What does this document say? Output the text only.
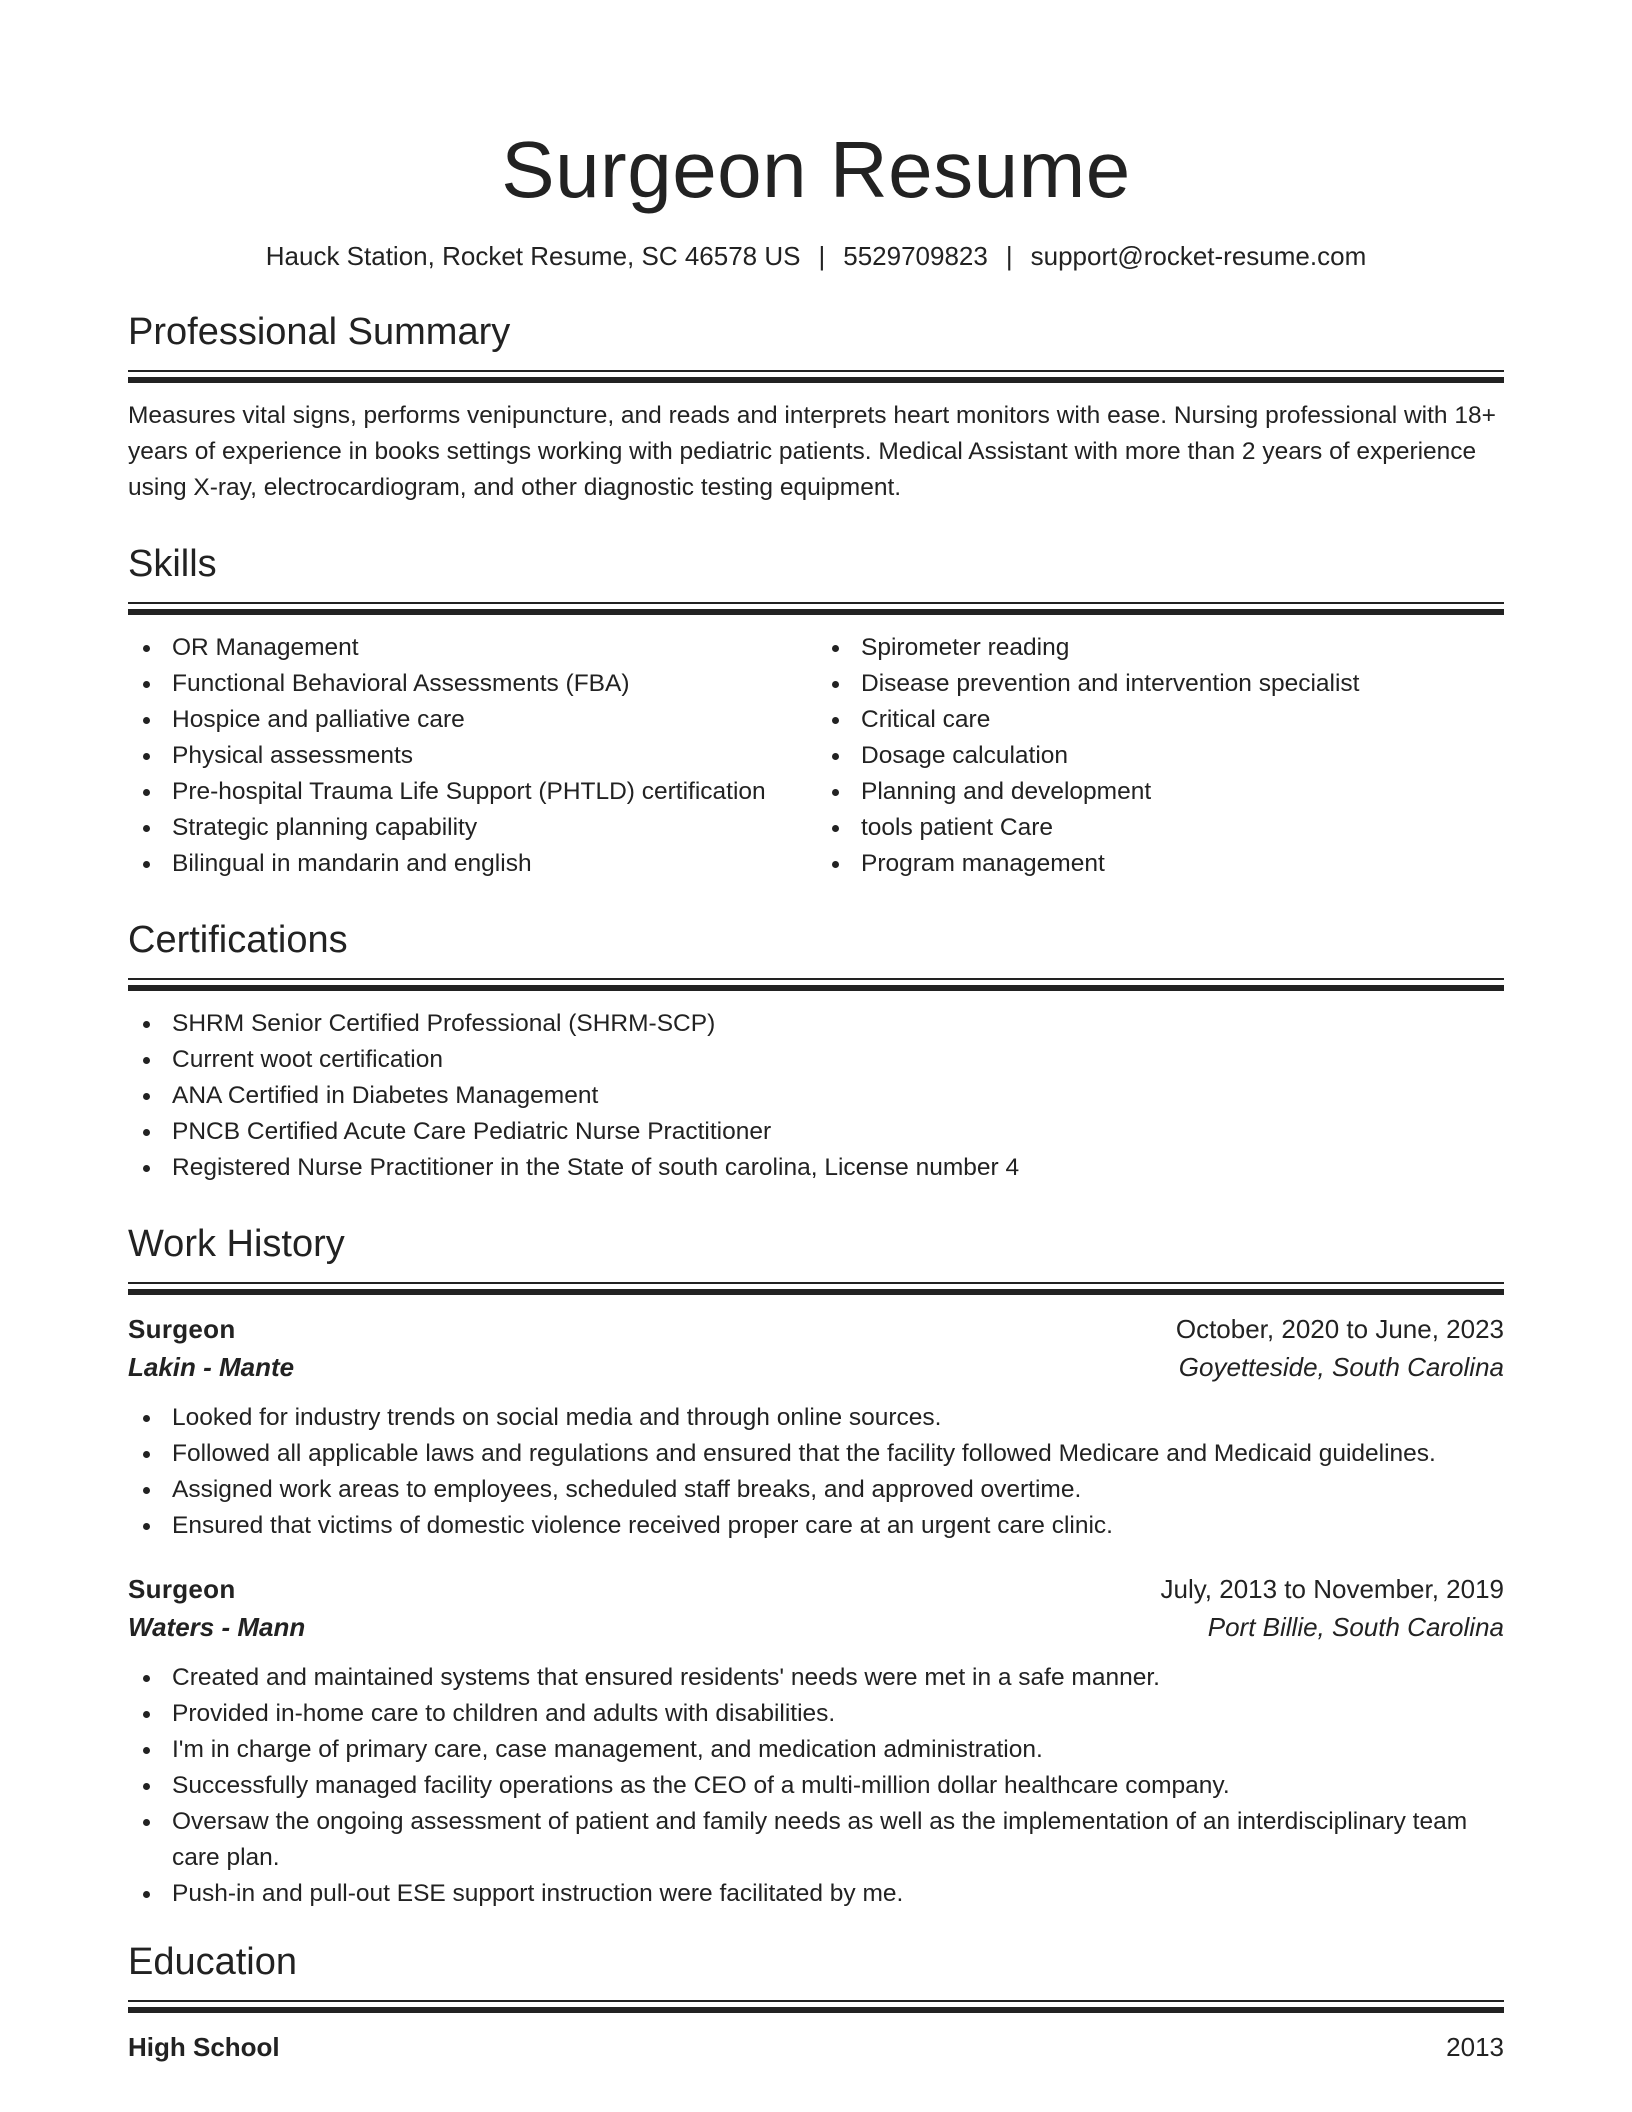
Surgeon Resume
Hauck Station, Rocket Resume, SC 46578 US | 5529709823 | support@rocket-resume.com
Professional Summary

Measures vital signs, performs venipuncture, and reads and interprets heart monitors with ease. Nursing professional with 18+ years of experience in books settings working with pediatric patients. Medical Assistant with more than 2 years of experience using X-ray, electrocardiogram, and other diagnostic testing equipment.

Skills
OR Management
Functional Behavioral Assessments (FBA)
Hospice and palliative care
Physical assessments
Pre-hospital Trauma Life Support (PHTLD) certification
Strategic planning capability
Bilingual in mandarin and english
Spirometer reading
Disease prevention and intervention specialist
Critical care
Dosage calculation
Planning and development
tools patient Care
Program management
Certifications
SHRM Senior Certified Professional (SHRM-SCP)
Current woot certification
ANA Certified in Diabetes Management
PNCB Certified Acute Care Pediatric Nurse Practitioner
Registered Nurse Practitioner in the State of south carolina, License number 4
Work History
Surgeon	October, 2020 to June, 2023
Lakin - Mante	Goyetteside, South Carolina
Looked for industry trends on social media and through online sources.
Followed all applicable laws and regulations and ensured that the facility followed Medicare and Medicaid guidelines.
Assigned work areas to employees, scheduled staff breaks, and approved overtime.
Ensured that victims of domestic violence received proper care at an urgent care clinic.
Surgeon	July, 2013 to November, 2019
Waters - Mann	Port Billie, South Carolina
Created and maintained systems that ensured residents' needs were met in a safe manner.
Provided in-home care to children and adults with disabilities.
I'm in charge of primary care, case management, and medication administration.
Successfully managed facility operations as the CEO of a multi-million dollar healthcare company.
Oversaw the ongoing assessment of patient and family needs as well as the implementation of an interdisciplinary team care plan.
Push-in and pull-out ESE support instruction were facilitated by me.
Education
High School	2013
